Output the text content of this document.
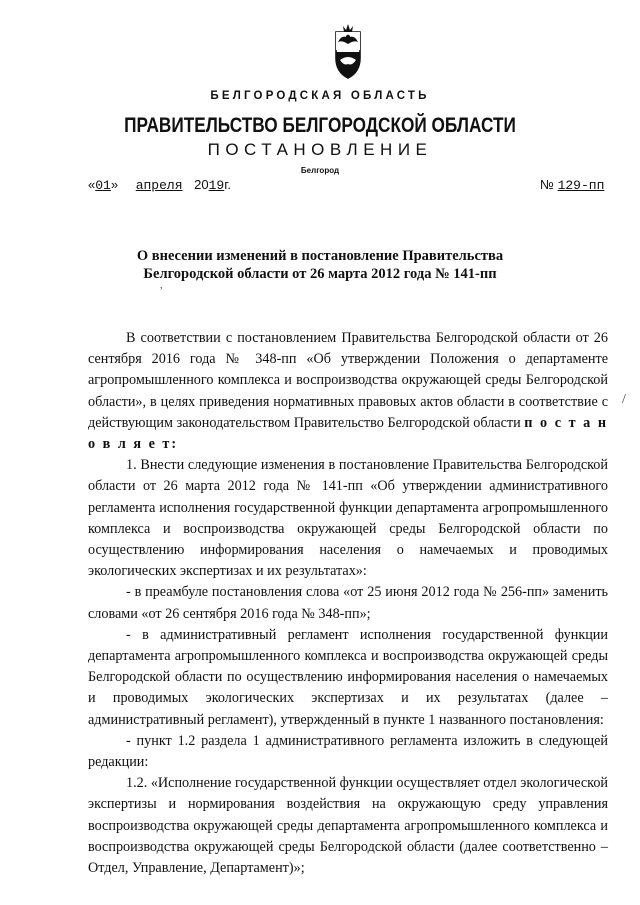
БЕЛГОРОДСКАЯ ОБЛАСТЬ
ПРАВИТЕЛЬСТВО БЕЛГОРОДСКОЙ ОБЛАСТИ
ПОСТАНОВЛЕНИЕ
Белгород
«01» апреля 2019г.	№ 129-пп
О внесении изменений в постановление Правительства
Белгородской области от 26 марта 2012 года № 141-пп
,
/

В соответствии с постановлением Правительства Белгородской области от 26 сентября 2016 года № 348-пп «Об утверждении Положения о департаменте агропромышленного комплекса и воспроизводства окружающей среды Белгородской области», в целях приведения нормативных правовых актов области в соответствие с действующим законодательством Правительство Белгородской области п о с т а н о в л я е т:

1. Внести следующие изменения в постановление Правительства Белгородской области от 26 марта 2012 года № 141-пп «Об утверждении административного регламента исполнения государственной функции департамента агропромышленного комплекса и воспроизводства окружающей среды Белгородской области по осуществлению информирования населения о намечаемых и проводимых экологических экспертизах и их результатах»:

- в преамбуле постановления слова «от 25 июня 2012 года № 256-пп» заменить словами «от 26 сентября 2016 года № 348-пп»;

- в административный регламент исполнения государственной функции департамента агропромышленного комплекса и воспроизводства окружающей среды Белгородской области по осуществлению информирования населения о намечаемых и проводимых экологических экспертизах и их результатах (далее – административный регламент), утвержденный в пункте 1 названного постановления:

- пункт 1.2 раздела 1 административного регламента изложить в следующей редакции:

1.2. «Исполнение государственной функции осуществляет отдел экологической экспертизы и нормирования воздействия на окружающую среду управления воспроизводства окружающей среды департамента агропромышленного комплекса и воспроизводства окружающей среды Белгородской области (далее соответственно – Отдел, Управление, Департамент)»;
